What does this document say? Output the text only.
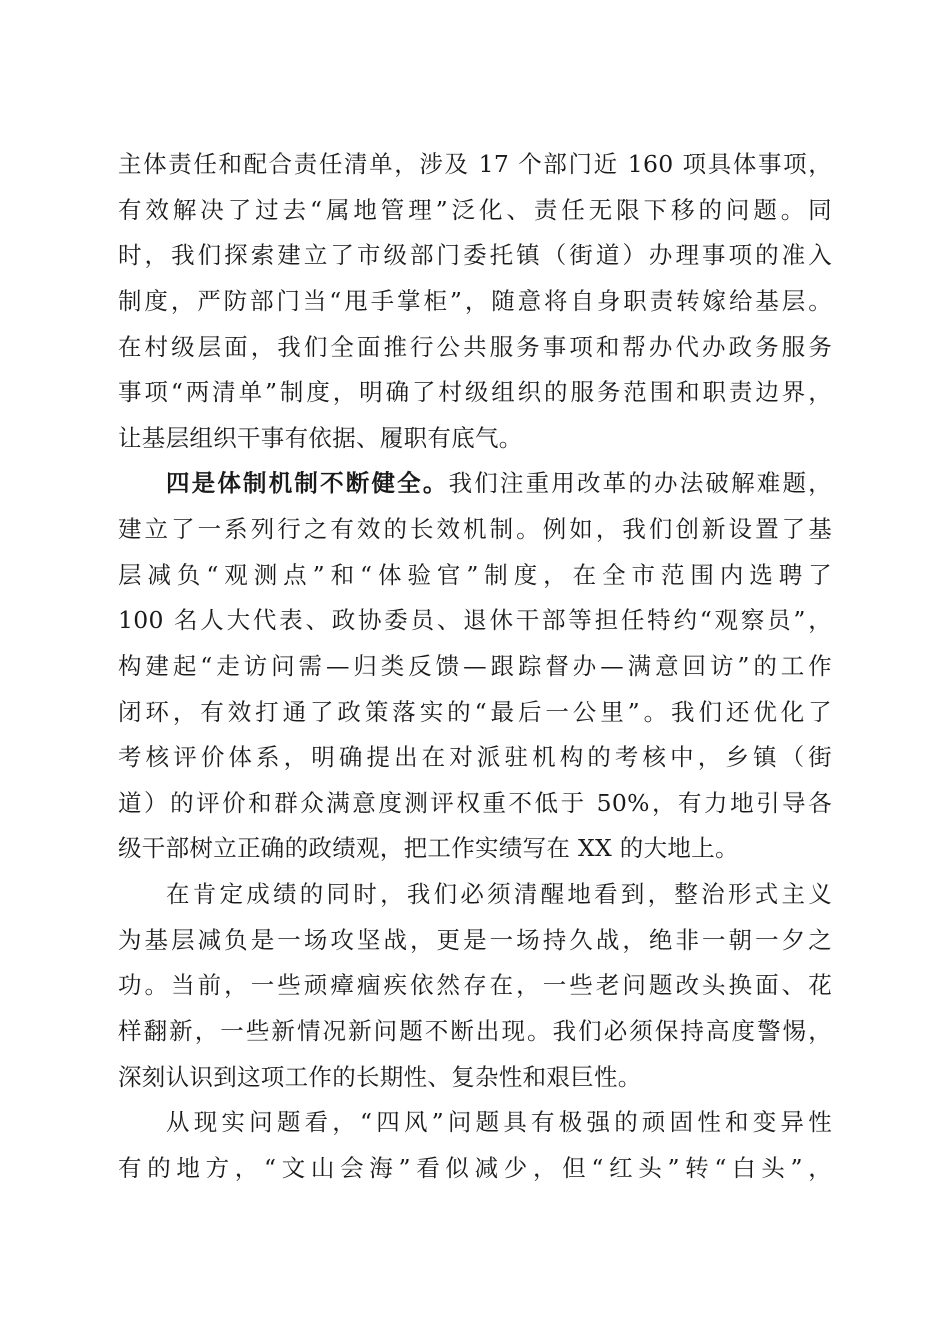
主体责任和配合责任清单，涉及 17 个部门近 160 项具体事项，
有效解决了过去“属地管理”泛化、责任无限下移的问题。同
时，我们探索建立了市级部门委托镇（街道）办理事项的准入
制度，严防部门当“甩手掌柜”，随意将自身职责转嫁给基层。
在村级层面，我们全面推行公共服务事项和帮办代办政务服务
事项“两清单”制度，明确了村级组织的服务范围和职责边界，
让基层组织干事有依据、履职有底气。
四是体制机制不断健全。我们注重用改革的办法破解难题，
建立了一系列行之有效的长效机制。例如，我们创新设置了基
层减负“观测点”和“体验官”制度，在全市范围内选聘了
100 名人大代表、政协委员、退休干部等担任特约“观察员”，
构建起“走访问需—归类反馈—跟踪督办—满意回访”的工作
闭环，有效打通了政策落实的“最后一公里”。我们还优化了
考核评价体系，明确提出在对派驻机构的考核中，乡镇（街
道）的评价和群众满意度测评权重不低于 50%，有力地引导各
级干部树立正确的政绩观，把工作实绩写在 XX 的大地上。
在肯定成绩的同时，我们必须清醒地看到，整治形式主义
为基层减负是一场攻坚战，更是一场持久战，绝非一朝一夕之
功。当前，一些顽瘴痼疾依然存在，一些老问题改头换面、花
样翻新，一些新情况新问题不断出现。我们必须保持高度警惕，
深刻认识到这项工作的长期性、复杂性和艰巨性。
从现实问题看，“四风”问题具有极强的顽固性和变异性
有的地方，“文山会海”看似减少，但“红头”转“白头”，
